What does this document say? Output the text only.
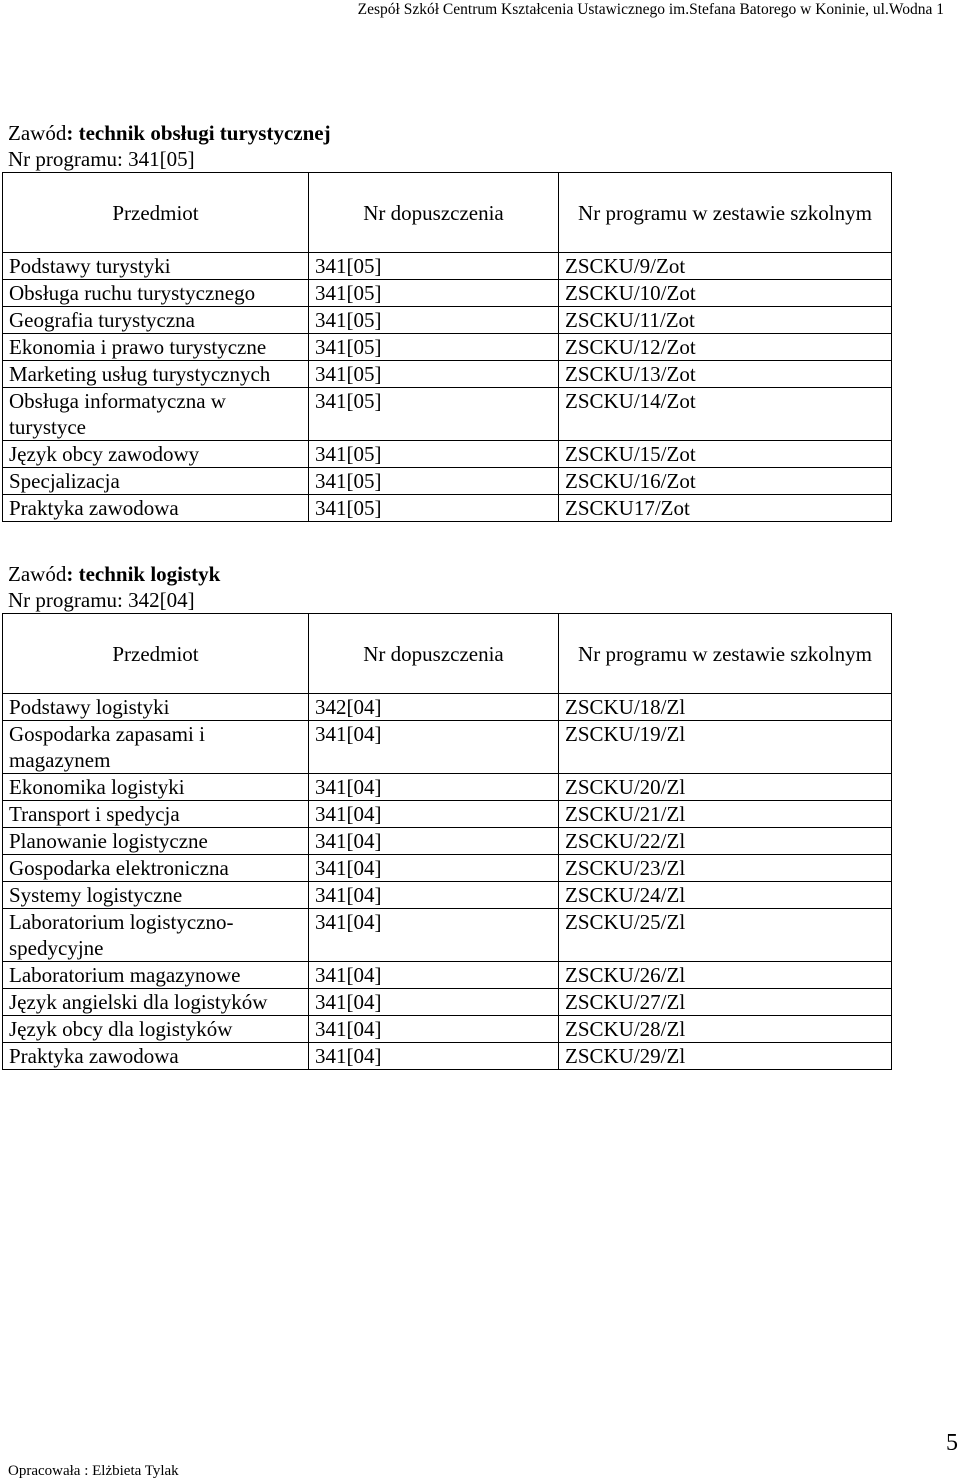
Zespół Szkół Centrum Kształcenia Ustawicznego im.Stefana Batorego w Koninie, ul.Wodna 1
Zawód: technik obsługi turystycznej
Nr programu: 341[05]
Przedmiot	Nr dopuszczenia	Nr programu w zestawie szkolnym
Podstawy turystyki	341[05]	ZSCKU/9/Zot
Obsługa ruchu turystycznego	341[05]	ZSCKU/10/Zot
Geografia turystyczna	341[05]	ZSCKU/11/Zot
Ekonomia i prawo turystyczne	341[05]	ZSCKU/12/Zot
Marketing usług turystycznych	341[05]	ZSCKU/13/Zot
Obsługa informatyczna w turystyce	341[05]	ZSCKU/14/Zot
Język obcy zawodowy	341[05]	ZSCKU/15/Zot
Specjalizacja	341[05]	ZSCKU/16/Zot
Praktyka zawodowa	341[05]	ZSCKU17/Zot
Zawód: technik logistyk
Nr programu: 342[04]
Przedmiot	Nr dopuszczenia	Nr programu w zestawie szkolnym
Podstawy logistyki	342[04]	ZSCKU/18/Zl
Gospodarka zapasami i magazynem	341[04]	ZSCKU/19/Zl
Ekonomika logistyki	341[04]	ZSCKU/20/Zl
Transport i spedycja	341[04]	ZSCKU/21/Zl
Planowanie logistyczne	341[04]	ZSCKU/22/Zl
Gospodarka elektroniczna	341[04]	ZSCKU/23/Zl
Systemy logistyczne	341[04]	ZSCKU/24/Zl
Laboratorium logistyczno-spedycyjne	341[04]	ZSCKU/25/Zl
Laboratorium magazynowe	341[04]	ZSCKU/26/Zl
Język angielski dla logistyków	341[04]	ZSCKU/27/Zl
Język obcy dla logistyków	341[04]	ZSCKU/28/Zl
Praktyka zawodowa	341[04]	ZSCKU/29/Zl
5
Opracowała : Elżbieta Tylak
